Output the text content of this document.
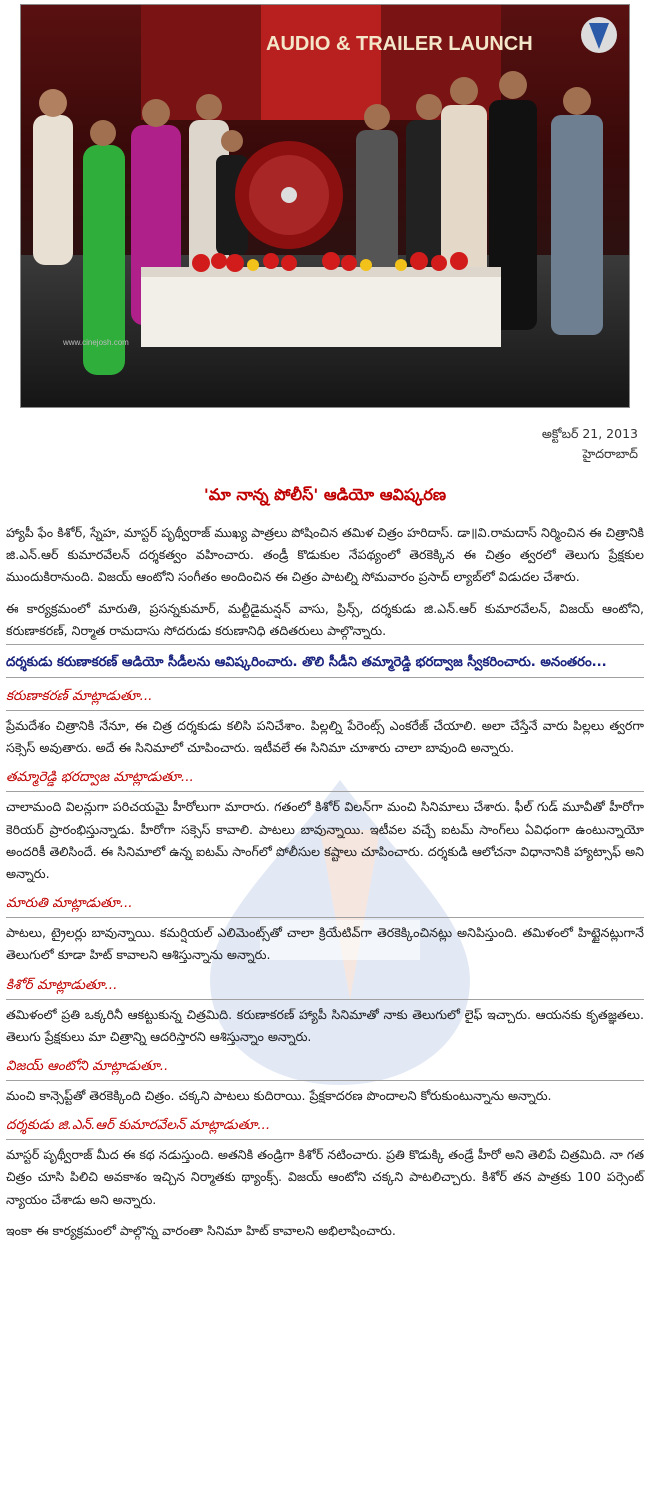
AUDIO & TRAILER LAUNCH
www.cinejosh.com
అక్టోబర్ 21, 2013
హైదరాబాద్
'మా నాన్న పోలీస్' ఆడియో ఆవిష్కరణ

హ్యాపీ ఫేం కిశోర్, స్నేహ, మాస్టర్ పృథ్వీరాజ్ ముఖ్య పాత్రలు పోషించిన తమిళ చిత్రం హరిదాస్. డా॥వి.రామదాస్ నిర్మించిన ఈ చిత్రానికి జి.ఎన్.ఆర్ కుమారవేలన్ దర్శకత్వం వహించారు. తండ్రీ కొడుకుల నేపథ్యంలో తెరకెక్కిన ఈ చిత్రం త్వరలో తెలుగు ప్రేక్షకుల ముందుకిరానుంది. విజయ్ ఆంటోని సంగీతం అందించిన ఈ చిత్రం పాటల్ని సోమవారం ప్రసాద్ ల్యాబ్‌లో విడుదల చేశారు.

ఈ కార్యక్రమంలో మారుతి, ప్రసన్నకుమార్, మల్టీడైమన్షన్ వాసు, ప్రిన్స్, దర్శకుడు జి.ఎన్.ఆర్ కుమారవేలన్, విజయ్ ఆంటోని, కరుణాకరణ్, నిర్మాత రామదాసు సోదరుడు కరుణానిధి తదితరులు పాల్గొన్నారు.

దర్శకుడు కరుణాకరణ్ ఆడియో సీడీలను ఆవిష్కరించారు. తొలి సీడీని తమ్మారెడ్డి భరద్వాజ స్వీకరించారు. అనంతరం...

కరుణాకరణ్ మాట్లాడుతూ...

ప్రేమదేశం చిత్రానికి నేనూ, ఈ చిత్ర దర్శకుడు కలిసి పనిచేశాం. పిల్లల్ని పేరెంట్స్ ఎంకరేజ్ చేయాలి. అలా చేస్తేనే వారు పిల్లలు త్వరగా సక్సెస్ అవుతారు. అదే ఈ సినిమాలో చూపించారు. ఇటీవలే ఈ సినిమా చూశారు చాలా బావుంది అన్నారు.

తమ్మారెడ్డి భరద్వాజ మాట్లాడుతూ...

చాలామంది విలన్లుగా పరిచయమై హీరోలుగా మారారు. గతంలో కిశోర్ విలన్‌గా మంచి సినిమాలు చేశారు. ఫీల్ గుడ్ మూవీతో హీరోగా కెరియర్ ప్రారంభిస్తున్నాడు. హీరోగా సక్సెస్ కావాలి. పాటలు బావున్నాయి. ఇటీవల వచ్చే ఐటమ్ సాంగ్‌లు ఏవిధంగా ఉంటున్నాయో అందరికీ తెలిసిందే. ఈ సినిమాలో ఉన్న ఐటమ్ సాంగ్‌లో పోలీసుల కష్టాలు చూపించారు. దర్శకుడి ఆలోచనా విధానానికి హ్యాట్సాఫ్ అని అన్నారు.

మారుతి మాట్లాడుతూ...

పాటలు, ట్రైలర్లు బావున్నాయి. కమర్షియల్ ఎలిమెంట్స్‌తో చాలా క్రియేటివ్‌గా తెరకెక్కించినట్లు అనిపిస్తుంది. తమిళంలో హిట్టైనట్లుగానే తెలుగులో కూడా హిట్ కావాలని ఆశిస్తున్నాను అన్నారు.

కిశోర్ మాట్లాడుతూ...

తమిళంలో ప్రతి ఒక్కరినీ ఆకట్టుకున్న చిత్రమిది. కరుణాకరణ్ హ్యాపీ సినిమాతో నాకు తెలుగులో లైఫ్ ఇచ్చారు. ఆయనకు కృతజ్ఞతలు. తెలుగు ప్రేక్షకులు మా చిత్రాన్ని ఆదరిస్తారని ఆశిస్తున్నాం అన్నారు.

విజయ్ ఆంటోని మాట్లాడుతూ..

మంచి కాన్సెప్ట్‌తో తెరకెక్కింది చిత్రం. చక్కని పాటలు కుదిరాయి. ప్రేక్షకాదరణ పొందాలని కోరుకుంటున్నాను అన్నారు.

దర్శకుడు జి.ఎన్.ఆర్ కుమారవేలన్ మాట్లాడుతూ...

మాస్టర్ పృథ్వీరాజ్ మీద ఈ కథ నడుస్తుంది. అతనికి తండ్రిగా కిశోర్ నటించారు. ప్రతి కొడుక్కి తండ్రే హీరో అని తెలిపే చిత్రమిది. నా గత చిత్రం చూసి పిలిచి అవకాశం ఇచ్చిన నిర్మాతకు థ్యాంక్స్. విజయ్ ఆంటోని చక్కని పాటలిచ్చారు. కిశోర్ తన పాత్రకు 100 పర్సెంట్ న్యాయం చేశాడు అని అన్నారు.

ఇంకా ఈ కార్యక్రమంలో పాల్గొన్న వారంతా సినిమా హిట్ కావాలని అభిలాషించారు.
